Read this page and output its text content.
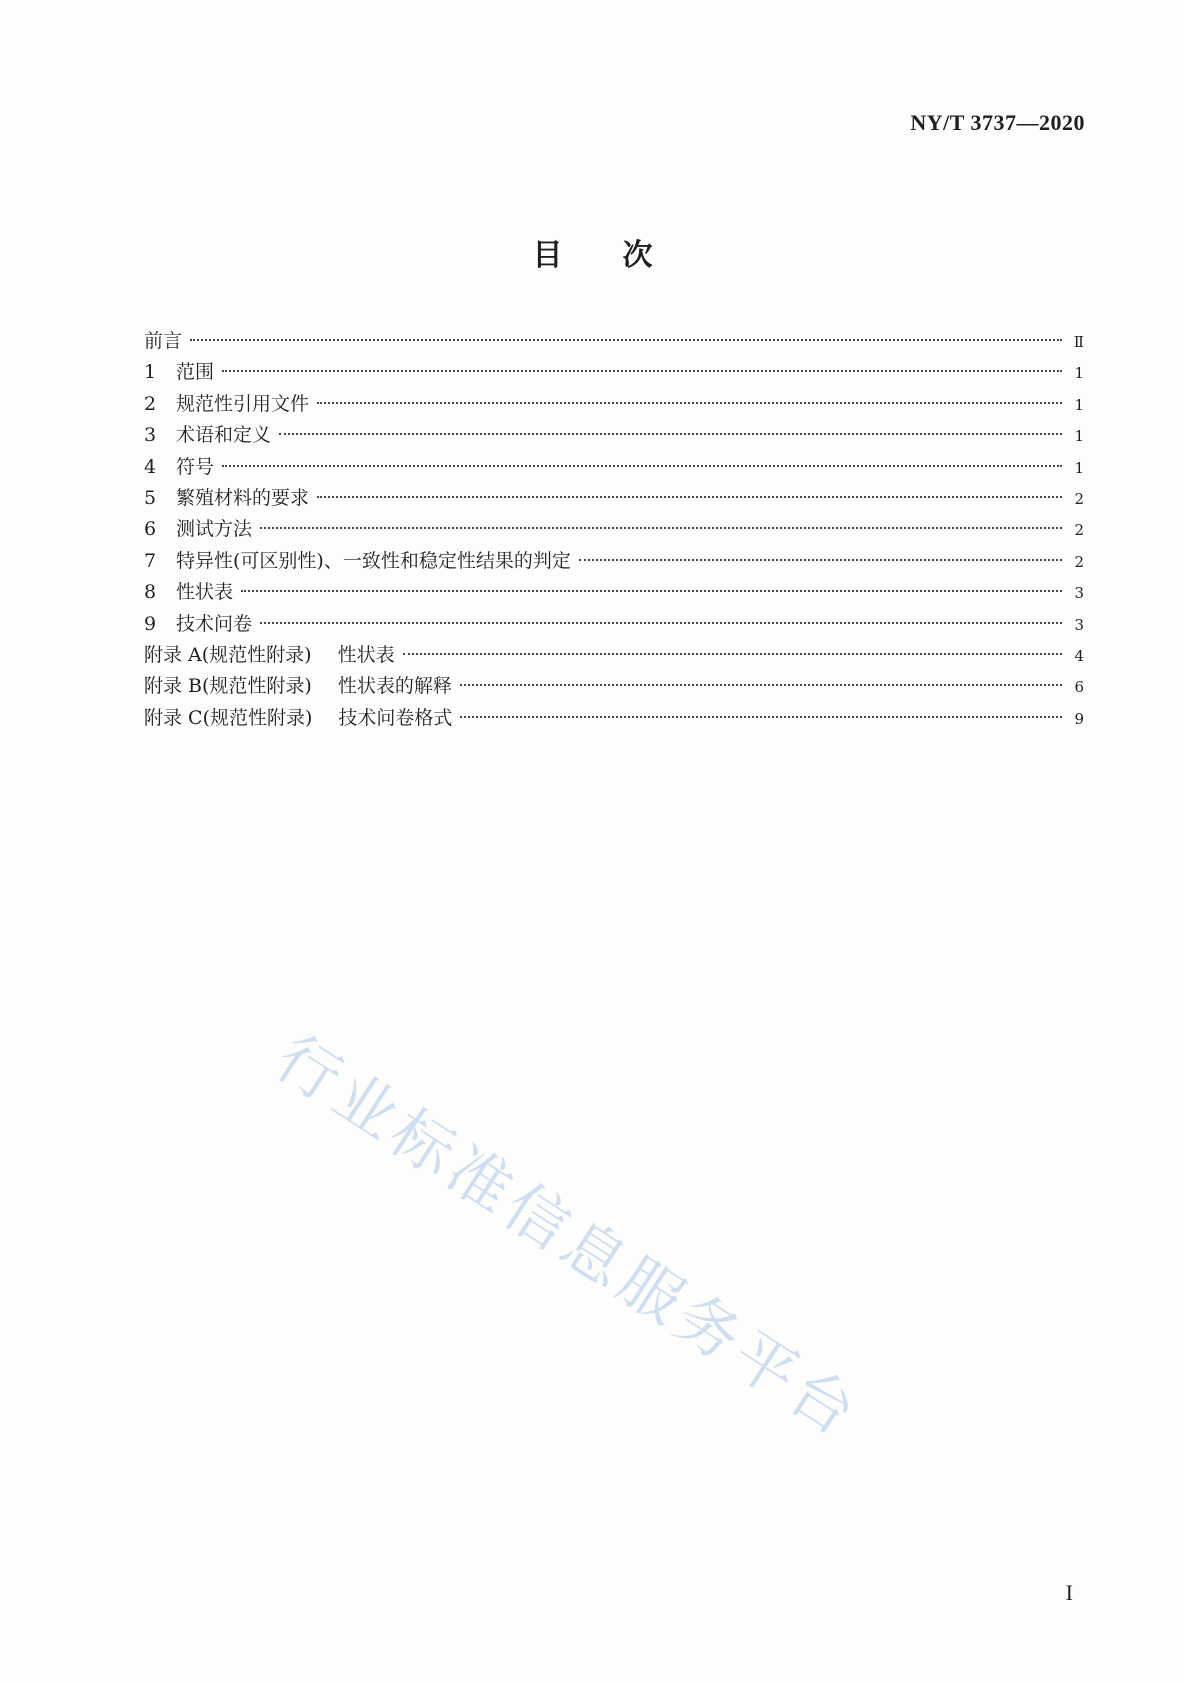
NY/T 3737—2020
目 次
前言	Ⅱ
1	范围	1
2	规范性引用文件	1
3	术语和定义	1
4	符号	1
5	繁殖材料的要求	2
6	测试方法	2
7	特异性(可区别性)、一致性和稳定性结果的判定	2
8	性状表	3
9	技术问卷	3
附录 A(规范性附录) 性状表	4
附录 B(规范性附录) 性状表的解释	6
附录 C(规范性附录) 技术问卷格式	9
行业标准信息服务平台
I
